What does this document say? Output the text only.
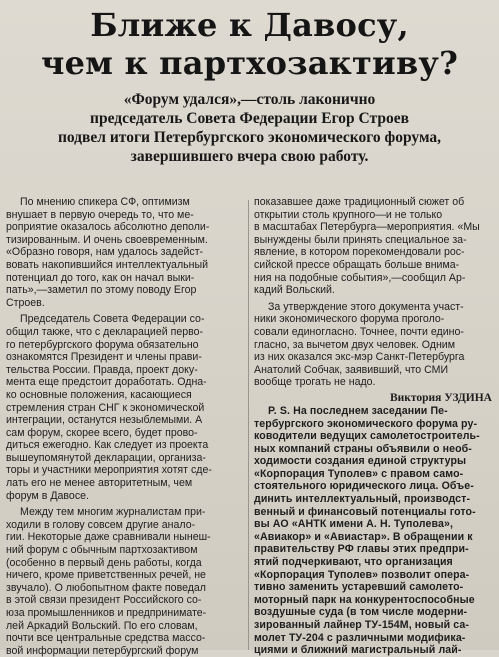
Ближе к Давосу,
чем к партхозактиву?
«Форум удался»,—столь лаконично
председатель Совета Федерации Егор Строев
подвел итоги Петербургского экономического форума,
завершившего вчера свою работу.

По мнению спикера СФ, оптимизм
внушает в первую очередь то, что ме-
роприятие оказалось абсолютно деполи-
тизированным. И очень своевременным.
«Образно говоря, нам удалось задейст-
вовать накопившийся интеллектуальный
потенциал до того, как он начал выки-
пать»,—заметил по этому поводу Егор
Строев.

Председатель Совета Федерации со-
общил также, что с декларацией перво-
го петербургского форума обязательно
ознакомятся Президент и члены прави-
тельства России. Правда, проект доку-
мента еще предстоит доработать. Одна-
ко основные положения, касающиеся
стремления стран СНГ к экономической
интеграции, останутся незыблемыми. А
сам форум, скорее всего, будет прово-
диться ежегодно. Как следует из проекта
вышеупомянутой декларации, организа-
торы и участники мероприятия хотят сде-
лать его не менее авторитетным, чем
форум в Давосе.

Между тем многим журналистам при-
ходили в голову совсем другие анало-
гии. Некоторые даже сравнивали нынеш-
ний форум с обычным партхозактивом
(особенно в первый день работы, когда
ничего, кроме приветственных речей, не
звучало). О любопытном факте поведал
в этой связи президент Российского со-
юза промышленников и предпринимате-
лей Аркадий Вольский. По его словам,
почти все центральные средства массо-
вой информации петербургский форум

показавшее даже традиционный сюжет об
открытии столь крупного—и не только
в масштабах Петербурга—мероприятия. «Мы
вынуждены были принять специальное за-
явление, в котором порекомендовали рос-
сийской прессе обращать больше внима-
ния на подобные события»,—сообщил Ар-
кадий Вольский.

За утверждение этого документа участ-
ники экономического форума проголо-
совали единогласно. Точнее, почти едино-
гласно, за вычетом двух человек. Одним
из них оказался экс-мэр Санкт-Петербурга
Анатолий Собчак, заявивший, что СМИ
вообще трогать не надо.

Виктория УЗДИНА

P. S. На последнем заседании Пе-
тербургского экономического форума ру-
ководители ведущих самолетостроитель-
ных компаний страны объявили о необ-
ходимости создания единой структуры
«Корпорация Туполев» с правом само-
стоятельного юридического лица. Объе-
динить интеллектуальный, производст-
венный и финансовый потенциалы гото-
вы АО «АНТК имени А. Н. Туполева»,
«Авиакор» и «Авиастар». В обращении к
правительству РФ главы этих предпри-
ятий подчеркивают, что организация
«Корпорация Туполев» позволит опера-
тивно заменить устаревший самолето-
моторный парк на конкурентоспособные
воздушные суда (в том числе модерни-
зированный лайнер ТУ-154М, новый са-
молет ТУ-204 с различными модифика-
циями и ближний магистральный лай-
